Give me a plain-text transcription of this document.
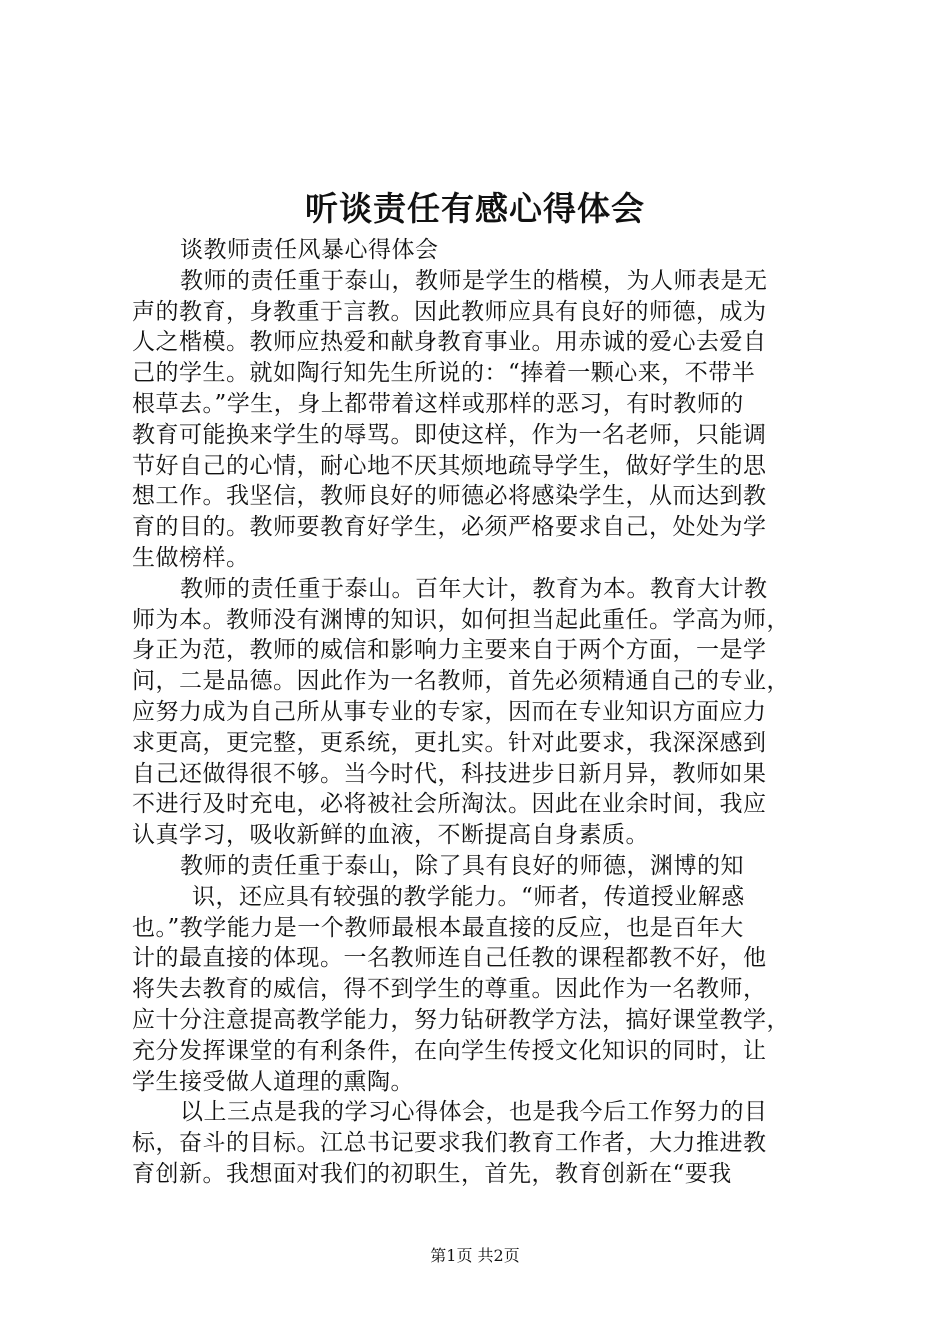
听谈责任有感心得体会
谈教师责任风暴心得体会
教师的责任重于泰山，教师是学生的楷模，为人师表是无
声的教育，身教重于言教。因此教师应具有良好的师德，成为
人之楷模。教师应热爱和献身教育事业。用赤诚的爱心去爱自
己的学生。就如陶行知先生所说的：“捧着一颗心来，不带半
根草去。”学生，身上都带着这样或那样的恶习，有时教师的
教育可能换来学生的辱骂。即使这样，作为一名老师，只能调
节好自己的心情，耐心地不厌其烦地疏导学生，做好学生的思
想工作。我坚信，教师良好的师德必将感染学生，从而达到教
育的目的。教师要教育好学生，必须严格要求自己，处处为学
生做榜样。
教师的责任重于泰山。百年大计，教育为本。教育大计教
师为本。教师没有渊博的知识，如何担当起此重任。学高为师，
身正为范，教师的威信和影响力主要来自于两个方面，一是学
问，二是品德。因此作为一名教师，首先必须精通自己的专业，
应努力成为自己所从事专业的专家，因而在专业知识方面应力
求更高，更完整，更系统，更扎实。针对此要求，我深深感到
自己还做得很不够。当今时代，科技进步日新月异，教师如果
不进行及时充电，必将被社会所淘汰。因此在业余时间，我应
认真学习，吸收新鲜的血液，不断提高自身素质。
教师的责任重于泰山，除了具有良好的师德，渊博的知
识，还应具有较强的教学能力。“师者，传道授业解惑
也。”教学能力是一个教师最根本最直接的反应，也是百年大
计的最直接的体现。一名教师连自己任教的课程都教不好，他
将失去教育的威信，得不到学生的尊重。因此作为一名教师，
应十分注意提高教学能力，努力钻研教学方法，搞好课堂教学，
充分发挥课堂的有利条件，在向学生传授文化知识的同时，让
学生接受做人道理的熏陶。
以上三点是我的学习心得体会，也是我今后工作努力的目
标，奋斗的目标。江总书记要求我们教育工作者，大力推进教
育创新。我想面对我们的初职生，首先，教育创新在“要我
第1页 共2页
